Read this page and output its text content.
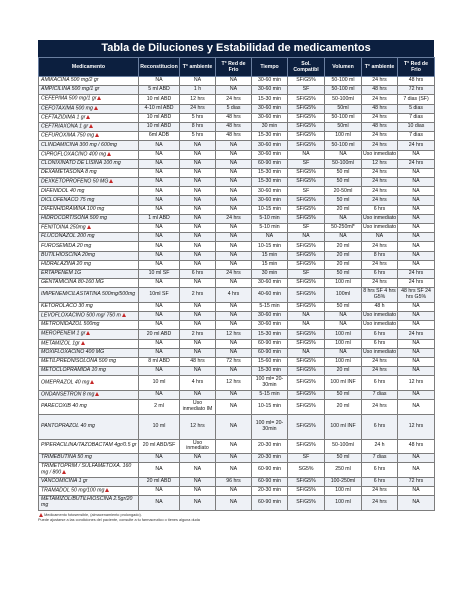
Tabla de Diluciones y Estabilidad de medicamentos
Medicamento	Reconstitucion	T° ambiente	T° Red de Frio	Tiempo	Sol. Compatibl	Volumen	T° ambiente	T° Red de Frio
AMIKACINA 500 mg/2 gr	NA	NA	NA	30-60 min	SF/G5%	50-100 ml	24 hrs	48 hrs
AMPICILINA 500 mg/1 gr	5 ml ABD	1 h	NA	30-60 min	SF	50-100 ml	48 hrs	72 hrs
CEFEPIMA 500 mg/1 gr	10 ml ABD	12 hrs	24 hrs	15-30 min	SF/G5%	50-100ml	24 hrs	7 dias (SF)
CEFOTAXIMA 500 mg	4-10 ml ABD	24 hrs	5 dias	30-60 min	SF/G5%	50ml	48 hrs	5 dias
CEFTAZIDIMA 1 gr	10 ml ABD	5 hrs	48 hrs	30-60 min	SF/G5%	50-100 ml	24 hrs	7 dias
CEFTRIAXONA 1 gr	10 ml ABD	8 hrs	48 hrs	30 min	SF/G5%	50ml	48 hrs	10 dias
CEFUROXIMA 750 mg	6ml ADB	5 hrs	48 hrs	15-30 min	SF/G5%	100 ml	24 hrs	7 dias
CLINDAMICINA 300 mg / 600mg	NA	NA	NA	30-60 min	SF/G5%	50-100 ml	24 hrs	24 hrs
CIPROFLOXACINO 400 mg	NA	NA	NA	30-60 min	NA	NA	Uso inmediato	NA
CLONIXINATO DE LISINA 100 mg	NA	NA	NA	60-90 min	SF	50-100ml	12 hrs	24 hrs
DEXAMETASONA 8 mg	NA	NA	NA	15-30 min	SF/G5%	50 ml	24 hrs	NA
DEXKETOPROFENO 50 MG	NA	NA	NA	15-30 min	SF/G5%	50 ml	24 hrs	NA
DIFENIDOL 40 mg	NA	NA	NA	30-60 min	SF	20-50ml	24 hrs	NA
DICLOFENACO 75 mg	NA	NA	NA	30-60 min	SF/G5%	50 ml	24 hrs	NA
DIFENHIDRAMINA 100 mg	NA	NA	NA	10-15 min	SF/G5%	20 ml	6 hrs	NA
HIDROCORTISONA 500 mg	1 ml ABD	NA	24 hrs	5-10 min	SF/G5%	NA	Uso inmediato	NA
FENITOINA 250mg	NA	NA	NA	5-10 min	SF	50-250ml*	Uso inmediato	NA
FLUCONAZOL 200 mg	NA	NA	NA	NA	NA	NA	NA	NA
FUROSEMIDA 20 mg	NA	NA	NA	10-15 min	SF/G5%	20 ml	24 hrs	NA
BUTILHIOSCINA 20mg	NA	NA	NA	15 min	SF/G5%	20 ml	8 hrs	NA
HIDRALAZINA 20 mg	NA	NA	NA	15 min	SF/G5%	20 ml	24 hrs	NA
ERTAPENEM 1G	10 ml SF	6 hrs	24 hrs	30 min	SF	50 ml	6 hrs	24 hrs
GENTAMICINA 80-160 MG	NA	NA	NA	30-60 min	SF/G5%	100 ml	24 hrs	24 hrs
IMIPENEM/CILASTATINA 500mg/500mg	10ml SF	2 hrs	4 hrs	40-60 min	SF/G5%	100ml	8 hrs SF 4 hrs G5%	48 hrs SF 24 hrs G5%
KETOROLACO 30 mg	NA	NA	NA	5-15 min	SF/G5%	50 ml	48 h	NA
LEVOFLOXACINO 500 mg/ 750 m	NA	NA	NA	30-60 min	NA	NA	Uso inmediato	NA
METRONIDAZOL 500mg	NA	NA	NA	30-60 min	NA	NA	Uso inmediato	NA
MEROPENEM 1 gr	20 ml ABD	2 hrs	12 hrs	15-30 min	SF/G5%	100 ml	6 hrs	24 hrs
METAMIZOL 1gr	NA	NA	NA	60-90 min	SF/G5%	100 ml	6 hrs	NA
MOXIFLOXACINO 400 MG	NA	NA	NA	60-90 min	NA	NA	Uso inmediato	NA
METILPREDNISOLONA 500 mg	8 ml ABD	48 hrs	72 hrs	15-60 min	SF/G5%	100 ml	24 hrs	NA
METOCLOPRAMIDA 10 mg	NA	NA	NA	15-30 min	SF/G5%	20 ml	24 hrs	NA
OMEPRAZOL 40 mg	10 ml	4 hrs	12 hrs	100 ml= 20-30min	SF/G5%	100 ml INF	6 hrs	12 hrs
ONDANSETRON 8 mg	NA	NA	NA	5-15 min	SF/G5%	50 ml	7 dias	NA
PARECOXIB 40 mg	2 ml	Uso inmediato IM	NA	10-15 min	SF/G5%	20 ml	24 hrs	NA
PANTOPRAZOL 40 mg	10 ml	12 hrs	NA	100 ml= 20-30min	SF/G5%	100 ml INF	6 hrs	12 hrs
PIPERACILINA/TAZOBACTAM 4gr/0.5 gr	20 ml ABD/SF	Uso inmediato	NA	20-30 min	SF/G5%	50-100ml	24 h	48 hrs
TRIMEBUTINA 50 mg	NA	NA	NA	20-30 min	SF	50 ml	7 dias	NA
TRIMETOPRIM / SULFAMETOXA. 160 mg / 800	NA	NA	NA	60-90 min	SG5%	250 ml	6 hrs	NA
VANCOMICINA 1 gr	20 ml ABD	NA	96 hrs	60-90 min	SF/G5%	100-250ml	6 hrs	72 hrs
TRAMADOL 50 mg/100 mg	NA	NA	NA	20-30 min	SF/G5%	100 ml	24 hrs	NA
METAMIZOL/BUTILHIOSCINA 2.5gr/20 mg	NA	NA	NA	60-90 min	SF/G5%	100 ml	24 hrs	NA
Medicamento fotosensible, (almacenamiento prolongado).
Puede ajustarse a las condiciones del paciente, consulte a tu farmaceutico o tienes alguna duda
